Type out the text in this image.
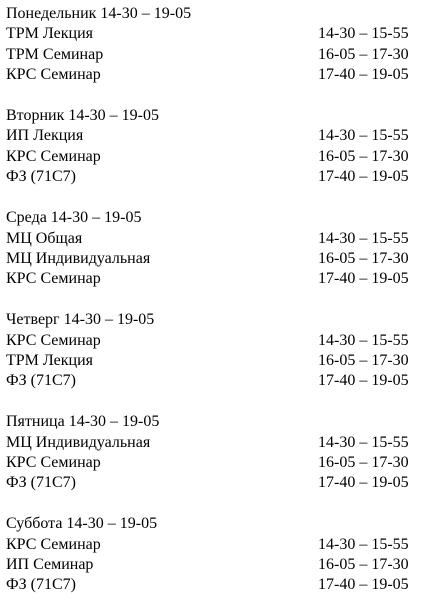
Понедельник 14-30 – 19-05
ТРМ Лекция	14-30 – 15-55
ТРМ Семинар	16-05 – 17-30
КРС Семинар	17-40 – 19-05
Вторник 14-30 – 19-05
ИП Лекция	14-30 – 15-55
КРС Семинар	16-05 – 17-30
ФЗ (71С7)	17-40 – 19-05
Среда 14-30 – 19-05
МЦ Общая	14-30 – 15-55
МЦ Индивидуальная	16-05 – 17-30
КРС Семинар	17-40 – 19-05
Четверг 14-30 – 19-05
КРС Семинар	14-30 – 15-55
ТРМ Лекция	16-05 – 17-30
ФЗ (71С7)	17-40 – 19-05
Пятница 14-30 – 19-05
МЦ Индивидуальная	14-30 – 15-55
КРС Семинар	16-05 – 17-30
ФЗ (71С7)	17-40 – 19-05
Суббота 14-30 – 19-05
КРС Семинар	14-30 – 15-55
ИП Семинар	16-05 – 17-30
ФЗ (71С7)	17-40 – 19-05
